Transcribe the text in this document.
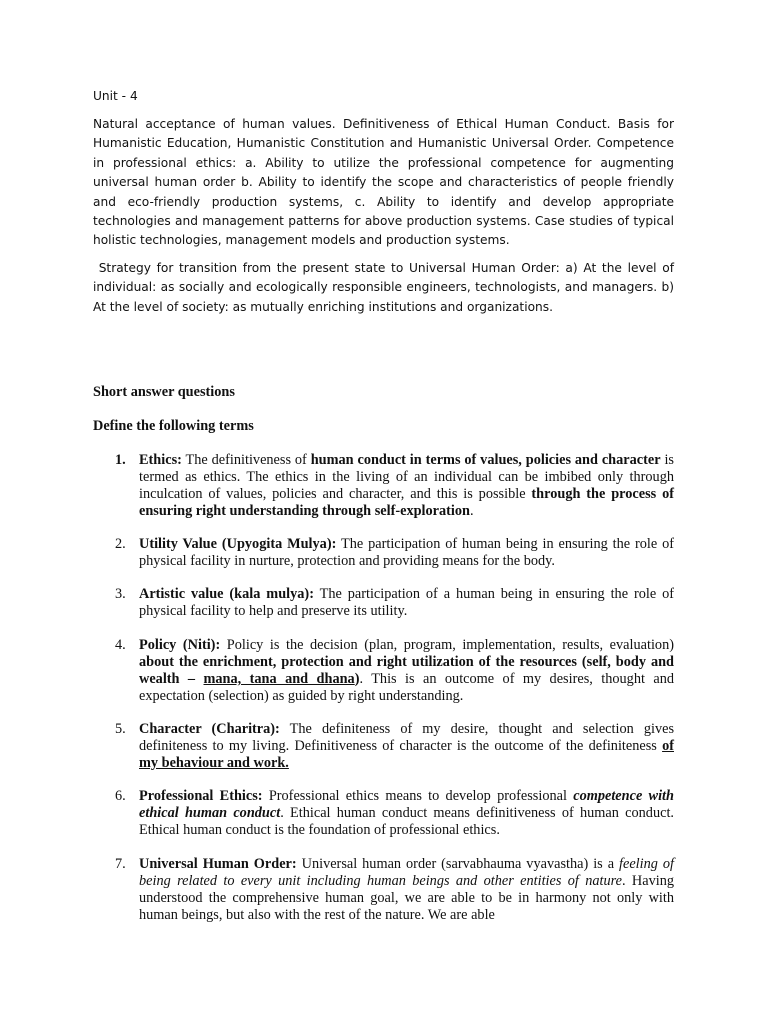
Unit - 4

Natural acceptance of human values. Definitiveness of Ethical Human Conduct. Basis for Humanistic Education, Humanistic Constitution and Humanistic Universal Order. Competence in professional ethics: a. Ability to utilize the professional competence for augmenting universal human order b. Ability to identify the scope and characteristics of people friendly and eco-friendly production systems, c. Ability to identify and develop appropriate technologies and management patterns for above production systems. Case studies of typical holistic technologies, management models and production systems.

Strategy for transition from the present state to Universal Human Order: a) At the level of individual: as socially and ecologically responsible engineers, technologists, and managers. b) At the level of society: as mutually enriching institutions and organizations.

Short answer questions
Define the following terms
1. Ethics: The definitiveness of human conduct in terms of values, policies and character is termed as ethics. The ethics in the living of an individual can be imbibed only through inculcation of values, policies and character, and this is possible through the process of ensuring right understanding through self-exploration.
2. Utility Value (Upyogita Mulya): The participation of human being in ensuring the role of physical facility in nurture, protection and providing means for the body.
3. Artistic value (kala mulya): The participation of a human being in ensuring the role of physical facility to help and preserve its utility.
4. Policy (Niti): Policy is the decision (plan, program, implementation, results, evaluation) about the enrichment, protection and right utilization of the resources (self, body and wealth – mana, tana and dhana). This is an outcome of my desires, thought and expectation (selection) as guided by right understanding.
5. Character (Charitra): The definiteness of my desire, thought and selection gives definiteness to my living. Definitiveness of character is the outcome of the definiteness of my behaviour and work.
6. Professional Ethics: Professional ethics means to develop professional competence with ethical human conduct. Ethical human conduct means definitiveness of human conduct. Ethical human conduct is the foundation of professional ethics.
7. Universal Human Order: Universal human order (sarvabhauma vyavastha) is a feeling of being related to every unit including human beings and other entities of nature. Having understood the comprehensive human goal, we are able to be in harmony not only with human beings, but also with the rest of the nature. We are able
